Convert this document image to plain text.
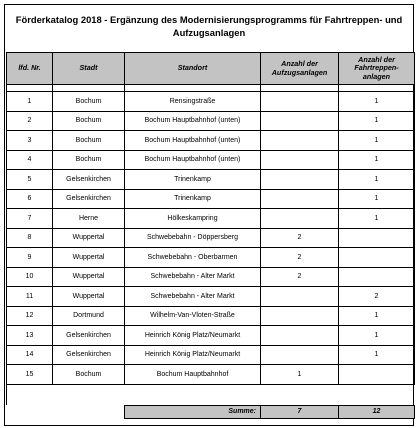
Förderkatalog 2018 - Ergänzung des Modernisierungsprogramms für Fahrtreppen- und Aufzugsanlagen
lfd. Nr.	Stadt	Standort	Anzahl der Aufzugsanlagen	Anzahl der Fahrtreppen-anlagen

1	Bochum	Rensingstraße		1
2	Bochum	Bochum Hauptbahnhof (unten)		1
3	Bochum	Bochum Hauptbahnhof (unten)		1
4	Bochum	Bochum Hauptbahnhof (unten)		1
5	Gelsenkirchen	Trinenkamp		1
6	Gelsenkirchen	Trinenkamp		1
7	Herne	Hölkeskampring		1
8	Wuppertal	Schwebebahn - Döppersberg	2	
9	Wuppertal	Schwebebahn - Oberbarmen	2	
10	Wuppertal	Schwebebahn - Alter Markt	2	
11	Wuppertal	Schwebebahn - Alter Markt		2
12	Dortmund	Wilhelm-Van-Vloten-Straße		1
13	Gelsenkirchen	Heinrich König Platz/Neumarkt		1
14	Gelsenkirchen	Heinrich König Platz/Neumarkt		1
15	Bochum	Bochum Hauptbahnhof	1	

		Summe:	7	12
